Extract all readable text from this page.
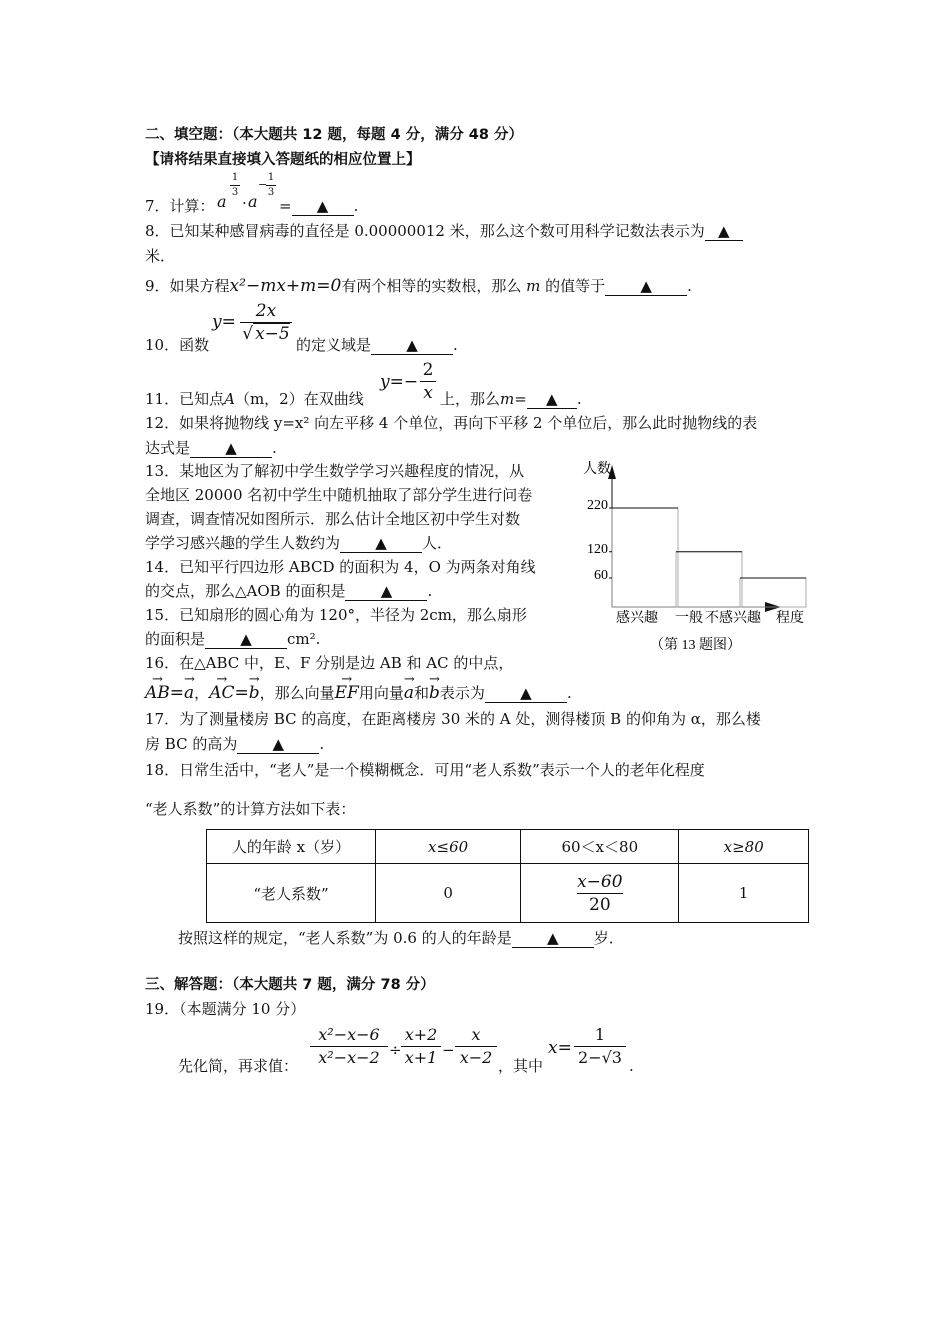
二、填空题：（本大题共 12 题，每题 4 分，满分 48 分）
【请将结果直接填入答题纸的相应位置上】
7．计算： a
1
3
· a
−
1
3
= ▲ .
8．已知某种感冒病毒的直径是 0.00000012 米，那么这个数可用科学记数法表示为 ▲
米．
9．如果方程x²−mx+m=0有两个相等的实数根，那么 m 的值等于 ▲ .
10．函数
y=
2x
√ x−5
的定义域是 ▲ .
11．已知点A（m，2）在双曲线
y=−
2
x 上，那么m= ▲ .
12．如果将抛物线 y=x² 向左平移 4 个单位，再向下平移 2 个单位后，那么此时抛物线的表
达式是 ▲ .
13．某地区为了解初中学生数学学习兴趣程度的情况，从
全地区 20000 名初中学生中随机抽取了部分学生进行问卷
调查，调查情况如图所示．那么估计全地区初中学生对数
学学习感兴趣的学生人数约为 ▲ 人．
14．已知平行四边形 ABCD 的面积为 4，O 为两条对角线
的交点，那么△AOB 的面积是 ▲ .
15．已知扇形的圆心角为 120°，半径为 2cm，那么扇形
的面积是 ▲ cm².
人数
程度
60
120
220
感兴趣 一般 不感兴趣
（第 13 题图）
16．在△ABC 中，E、F 分别是边 AB 和 AC 的中点，
→ AB=→ a，→ AC=→ b，那么向量→ EF用向量→ a和→ b表示为 ▲ .
17．为了测量楼房 BC 的高度，在距离楼房 30 米的 A 处，测得楼顶 B 的仰角为 α，那么楼
房 BC 的高为 ▲ .
18．日常生活中，“老人”是一个模糊概念．可用“老人系数”表示一个人的老年化程度
“老人系数”的计算方法如下表：
人的年龄 x（岁）	x≤60	60＜x＜80	x≥80
“老人系数”	0	$\frac{x-60}{20}$	1
按照这样的规定，“老人系数”为 0.6 的人的年龄是 ▲ 岁．
三、解答题：（本大题共 7 题，满分 78 分）
19．（本题满分 10 分）
先化简，再求值：
x²−x−6
x²−x−2 ÷
x+2
x+1 −
x
x−2 ，其中
x=
1
2−√3 .
